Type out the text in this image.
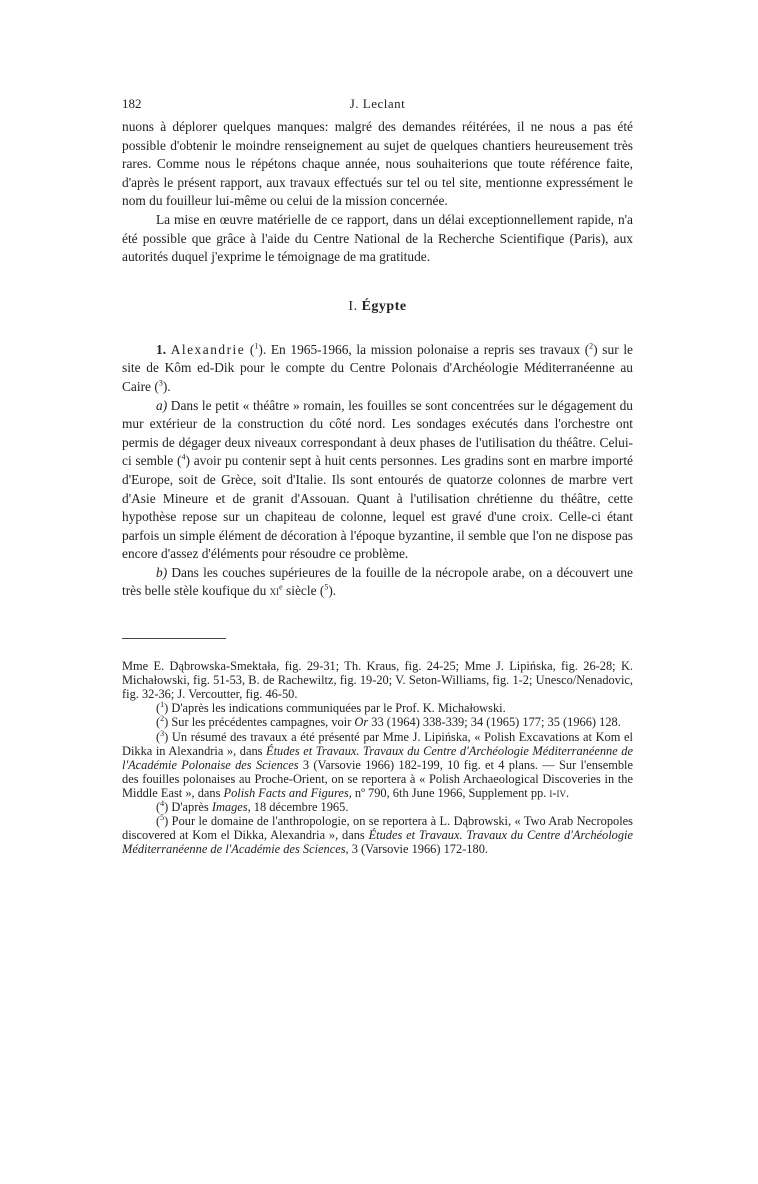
182	J. Leclant

nuons à déplorer quelques manques: malgré des demandes réitérées, il ne nous a pas été possible d'obtenir le moindre renseignement au sujet de quelques chantiers heureusement très rares. Comme nous le répétons chaque année, nous souhaiterions que toute référence faite, d'après le présent rapport, aux travaux effectués sur tel ou tel site, mentionne expressément le nom du fouilleur lui-même ou celui de la mission concernée.

La mise en œuvre matérielle de ce rapport, dans un délai exceptionnellement rapide, n'a été possible que grâce à l'aide du Centre National de la Recherche Scientifique (Paris), aux autorités duquel j'exprime le témoignage de ma gratitude.

I. Égypte

1. Alexandrie ($^1$). En 1965-1966, la mission polonaise a repris ses travaux ($^2$) sur le site de Kôm ed-Dik pour le compte du Centre Polonais d'Archéologie Méditerranéenne au Caire ($^3$).

a) Dans le petit « théâtre » romain, les fouilles se sont concentrées sur le dégagement du mur extérieur de la construction du côté nord. Les sondages exécutés dans l'orchestre ont permis de dégager deux niveaux correspondant à deux phases de l'utilisation du théâtre. Celui-ci semble ($^4$) avoir pu contenir sept à huit cents personnes. Les gradins sont en marbre importé d'Europe, soit de Grèce, soit d'Italie. Ils sont entourés de quatorze colonnes de marbre vert d'Asie Mineure et de granit d'Assouan. Quant à l'utilisation chrétienne du théâtre, cette hypothèse repose sur un chapiteau de colonne, lequel est gravé d'une croix. Celle-ci étant parfois un simple élément de décoration à l'époque byzantine, il semble que l'on ne dispose pas encore d'assez d'éléments pour résoudre ce problème.

b) Dans les couches supérieures de la fouille de la nécropole arabe, on a découvert une très belle stèle koufique du $xi^e$ siècle ($^5$).

Mme E. Dąbrowska-Smektała, fig. 29-31; Th. Kraus, fig. 24-25; Mme J. Lipińska, fig. 26-28; K. Michałowski, fig. 51-53, B. de Rachewiltz, fig. 19-20; V. Seton-Williams, fig. 1-2; Unesco/Nenadovic, fig. 32-36; J. Vercoutter, fig. 46-50.

($^1$) D'après les indications communiquées par le Prof. K. Michałowski.

($^2$) Sur les précédentes campagnes, voir Or 33 (1964) 338-339; 34 (1965) 177; 35 (1966) 128.

($^3$) Un résumé des travaux a été présenté par Mme J. Lipińska, « Polish Excavations at Kom el Dikka in Alexandria », dans Études et Travaux. Travaux du Centre d'Archéologie Méditerranéenne de l'Académie Polonaise des Sciences 3 (Varsovie 1966) 182-199, 10 fig. et 4 plans. — Sur l'ensemble des fouilles polonaises au Proche-Orient, on se reportera à « Polish Archaeological Discoveries in the Middle East », dans Polish Facts and Figures, nº 790, 6th June 1966, Supplement pp. i-iv.

($^4$) D'après Images, 18 décembre 1965.

($^5$) Pour le domaine de l'anthropologie, on se reportera à L. Dąbrowski, « Two Arab Necropoles discovered at Kom el Dikka, Alexandria », dans Études et Travaux. Travaux du Centre d'Archéologie Méditerranéenne de l'Académie des Sciences, 3 (Varsovie 1966) 172-180.
